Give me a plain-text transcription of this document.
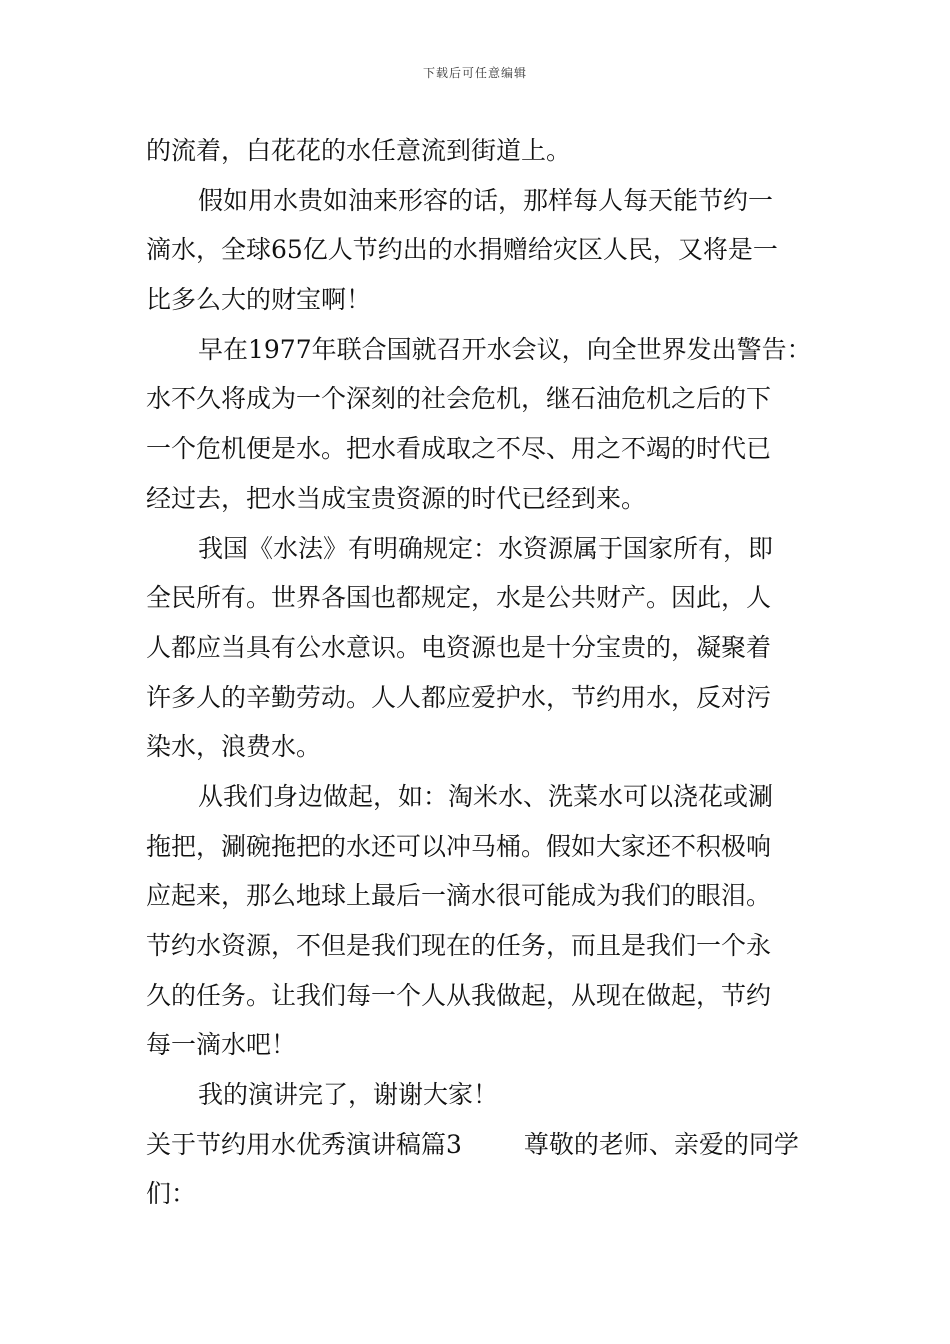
下载后可任意编辑
的流着，白花花的水任意流到街道上。
假如用水贵如油来形容的话，那样每人每天能节约一
滴水，全球65亿人节约出的水捐赠给灾区人民，又将是一
比多么大的财宝啊！
早在1977年联合国就召开水会议，向全世界发出警告：
水不久将成为一个深刻的社会危机，继石油危机之后的下
一个危机便是水。把水看成取之不尽、用之不竭的时代已
经过去，把水当成宝贵资源的时代已经到来。
我国《水法》有明确规定：水资源属于国家所有，即
全民所有。世界各国也都规定，水是公共财产。因此，人
人都应当具有公水意识。电资源也是十分宝贵的，凝聚着
许多人的辛勤劳动。人人都应爱护水，节约用水，反对污
染水，浪费水。
从我们身边做起，如：淘米水、洗菜水可以浇花或涮
拖把，涮碗拖把的水还可以冲马桶。假如大家还不积极响
应起来，那么地球上最后一滴水很可能成为我们的眼泪。
节约水资源，不但是我们现在的任务，而且是我们一个永
久的任务。让我们每一个人从我做起，从现在做起，节约
每一滴水吧！
我的演讲完了，谢谢大家！
关于节约用水优秀演讲稿篇3 尊敬的老师、亲爱的同学
们：
